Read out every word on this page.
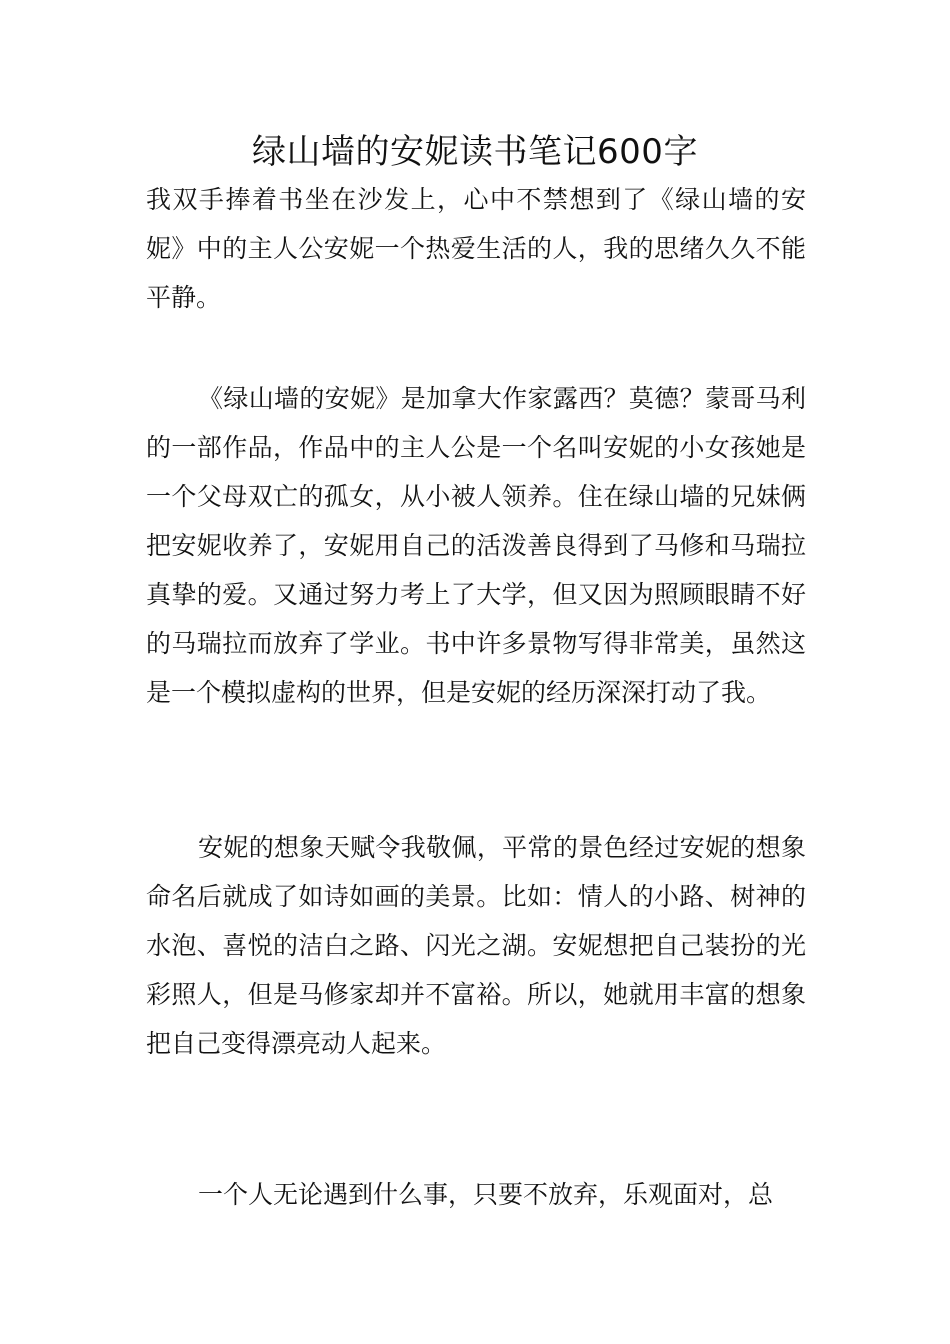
绿山墙的安妮读书笔记600字

我双手捧着书坐在沙发上，心中不禁想到了《绿山墙的安妮》中的主人公安妮一个热爱生活的人，我的思绪久久不能平静。

《绿山墙的安妮》是加拿大作家露西？莫德？蒙哥马利的一部作品，作品中的主人公是一个名叫安妮的小女孩她是一个父母双亡的孤女，从小被人领养。住在绿山墙的兄妹俩把安妮收养了，安妮用自己的活泼善良得到了马修和马瑞拉真挚的爱。又通过努力考上了大学，但又因为照顾眼睛不好的马瑞拉而放弃了学业。书中许多景物写得非常美，虽然这是一个模拟虚构的世界，但是安妮的经历深深打动了我。

安妮的想象天赋令我敬佩，平常的景色经过安妮的想象命名后就成了如诗如画的美景。比如：情人的小路、树神的水泡、喜悦的洁白之路、闪光之湖。安妮想把自己装扮的光彩照人，但是马修家却并不富裕。所以，她就用丰富的想象把自己变得漂亮动人起来。

一个人无论遇到什么事，只要不放弃，乐观面对，总
